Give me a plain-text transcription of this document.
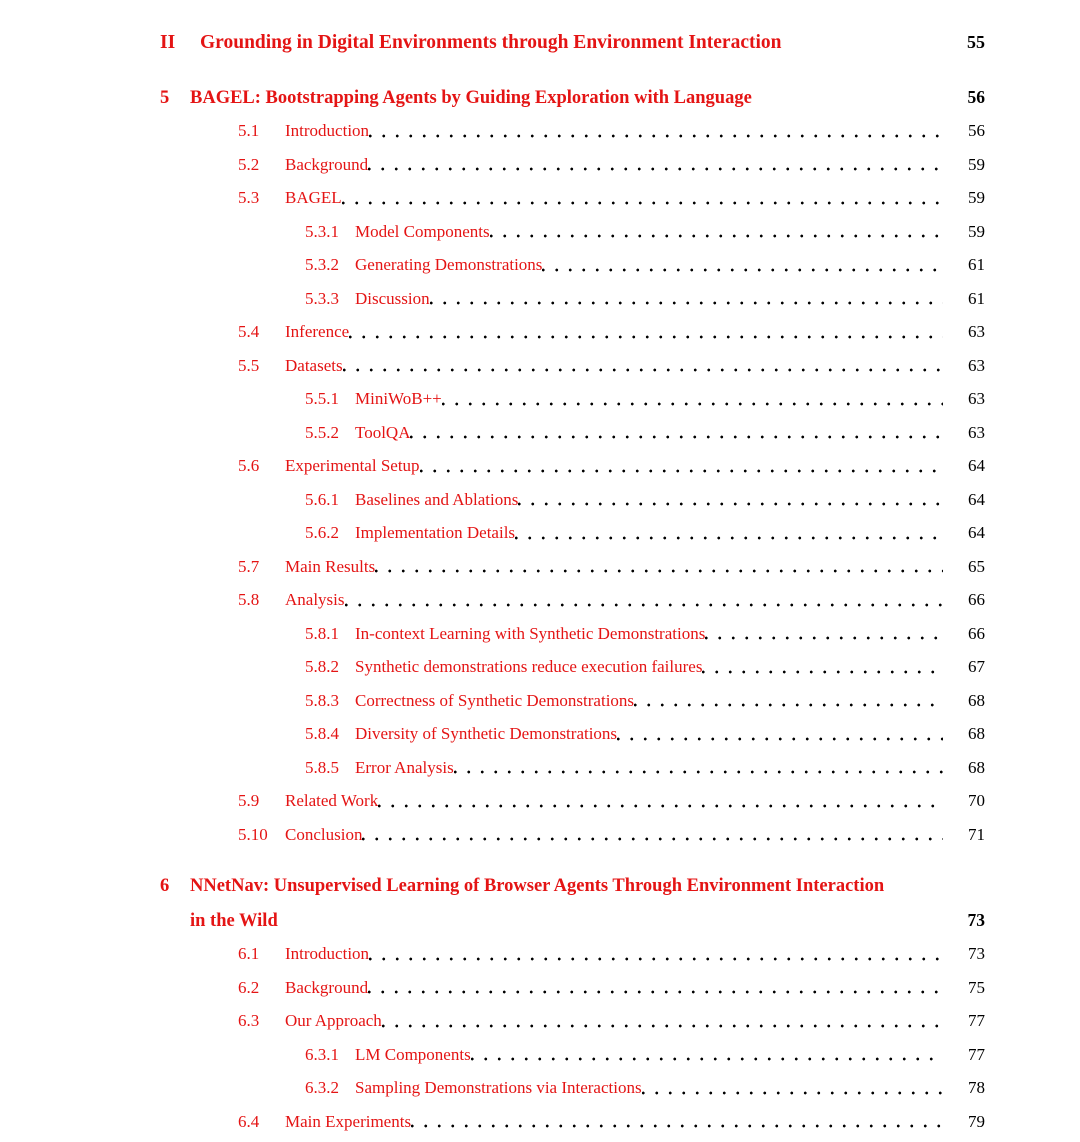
II	Grounding in Digital Environments through Environment Interaction	55
5	BAGEL: Bootstrapping Agents by Guiding Exploration with Language	56
5.1	Introduction	56
5.2	Background	59
5.3	BAGEL	59
5.3.1 Model Components	59
5.3.2 Generating Demonstrations	61
5.3.3 Discussion	61
5.4	Inference	63
5.5	Datasets	63
5.5.1 MiniWoB++	63
5.5.2 ToolQA	63
5.6	Experimental Setup	64
5.6.1 Baselines and Ablations	64
5.6.2 Implementation Details	64
5.7	Main Results	65
5.8	Analysis	66
5.8.1 In-context Learning with Synthetic Demonstrations	66
5.8.2 Synthetic demonstrations reduce execution failures	67
5.8.3 Correctness of Synthetic Demonstrations	68
5.8.4 Diversity of Synthetic Demonstrations	68
5.8.5 Error Analysis	68
5.9	Related Work	70
5.10	Conclusion	71
6	NNetNav: Unsupervised Learning of Browser Agents Through Environment Interaction
in the Wild	73
6.1	Introduction	73
6.2	Background	75
6.3	Our Approach	77
6.3.1 LM Components	77
6.3.2 Sampling Demonstrations via Interactions	78
6.4	Main Experiments	79
